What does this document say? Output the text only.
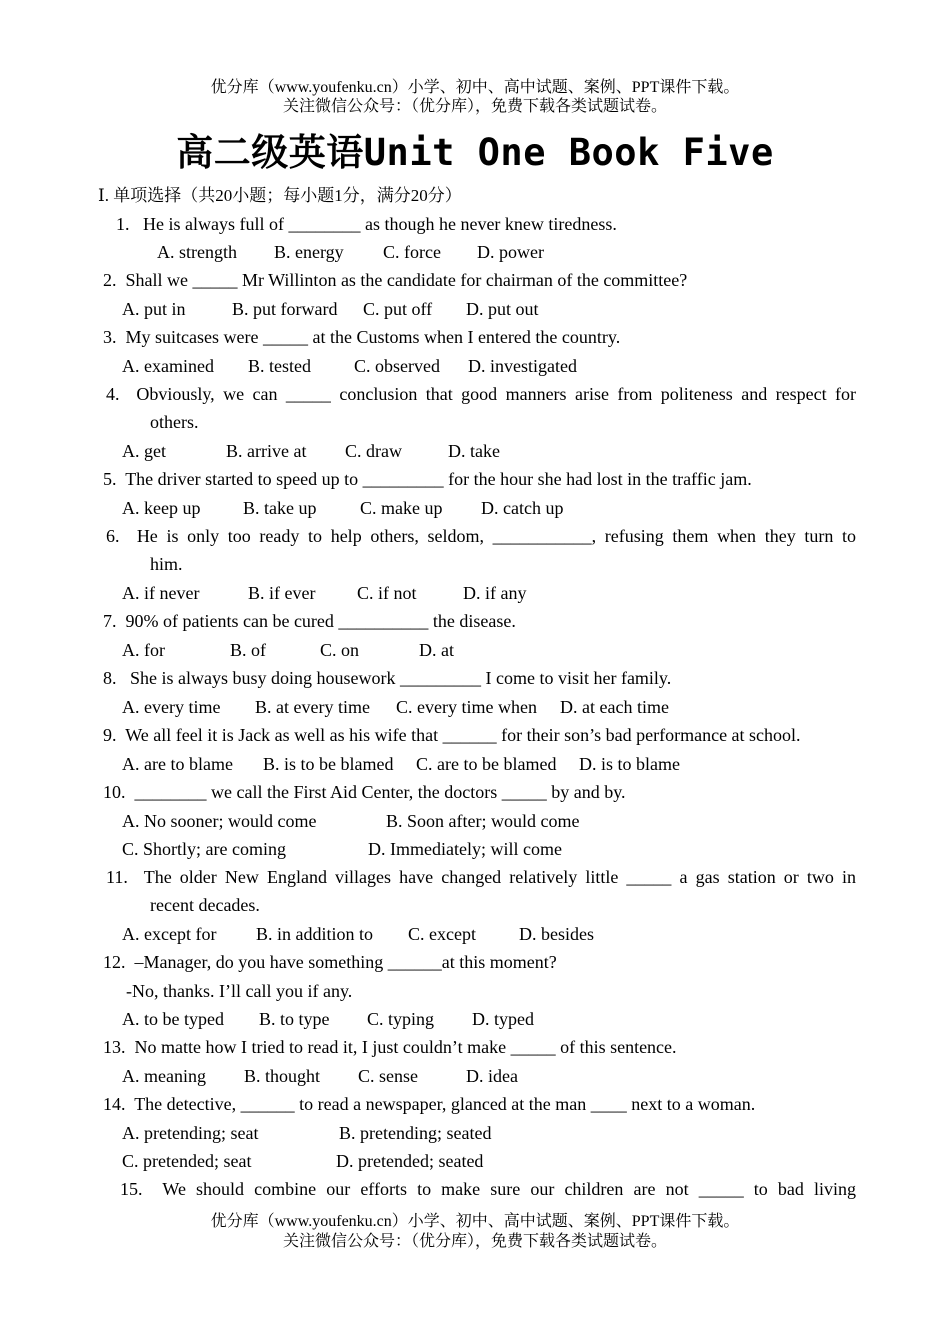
优分库（www.youfenku.cn）小学、初中、高中试题、案例、PPT课件下载。
关注微信公众号：（优分库），免费下载各类试题试卷。
高二级英语Unit One Book Five
Ⅰ. 单项选择（共20小题；每小题1分，满分20分）
1. He is always full of ________ as though he never knew tiredness.
A. strength B. energy C. force D. power
2. Shall we _____ Mr Willinton as the candidate for chairman of the committee?
A. put in	B. put forward C. put off D. put out
3. My suitcases were _____ at the Customs when I entered the country.
A. examined B. tested C. observed D. investigated
4. Obviously, we can _____ conclusion that good manners arise from politeness and respect for
others.
A. get	B. arrive at C. draw	D. take
5. The driver started to speed up to _________ for the hour she had lost in the traffic jam.
A. keep up B. take up C. make up D. catch up
6. He is only too ready to help others, seldom, ___________, refusing them when they turn to
him.
A. if never	B. if ever C. if not	D. if any
7. 90% of patients can be cured __________ the disease.
A. for	B. of	C. on	D. at
8. She is always busy doing housework _________ I come to visit her family.
A. every time B. at every time C. every time when D. at each time
9. We all feel it is Jack as well as his wife that ______ for their son’s bad performance at school.
A. are to blame B. is to be blamed C. are to be blamed D. is to blame
10. ________ we call the First Aid Center, the doctors _____ by and by.
A. No sooner; would come	B. Soon after; would come
C. Shortly; are coming	D. Immediately; will come
11. The older New England villages have changed relatively little _____ a gas station or two in
recent decades.
A. except for B. in addition to C. except D. besides
12. –Manager, do you have something ______at this moment?
-No, thanks. I’ll call you if any.
A. to be typed B. to type C. typing D. typed
13. No matte how I tried to read it, I just couldn’t make _____ of this sentence.
A. meaning B. thought C. sense	D. idea
14. The detective, ______ to read a newspaper, glanced at the man ____ next to a woman.
A. pretending; seat	B. pretending; seated
C. pretended; seat	D. pretended; seated
15. We should combine our efforts to make sure our children are not _____ to bad living
优分库（www.youfenku.cn）小学、初中、高中试题、案例、PPT课件下载。
关注微信公众号：（优分库），免费下载各类试题试卷。
